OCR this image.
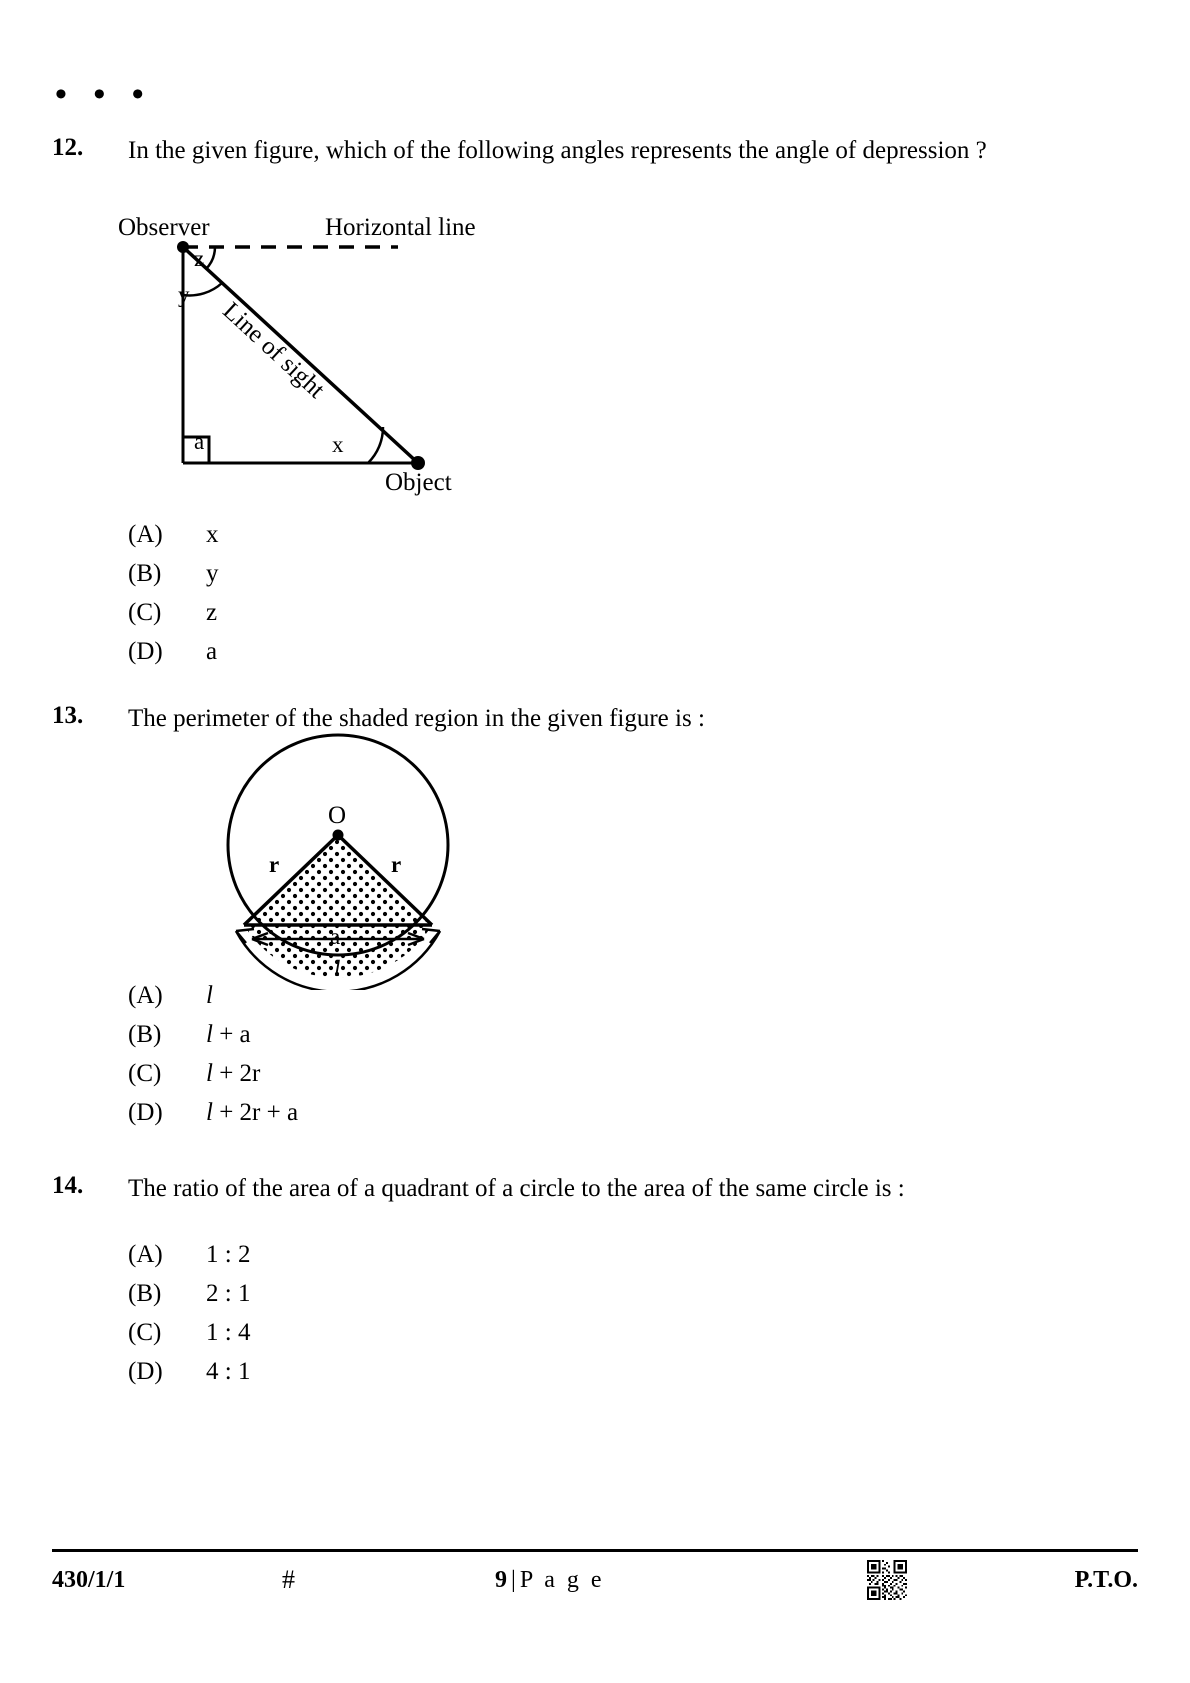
• • •
12.	In the given figure, which of the following angles represents the angle of depression ?
Observer	Horizontal line
z
y
a	x
Object
Line of sight
(A)	x
(B)	y
(C)	z
(D)	a
13.	The perimeter of the shaded region in the given figure is :
O
r	r
a
l
(A)	l
(B)	l + a
(C)	l + 2r
(D)	l + 2r + a
14.	The ratio of the area of a quadrant of a circle to the area of the same circle is :
(A)	1 : 2
(B)	2 : 1
(C)	1 : 4
(D)	4 : 1
430/1/1	#	9 | P a g e	P.T.O.
